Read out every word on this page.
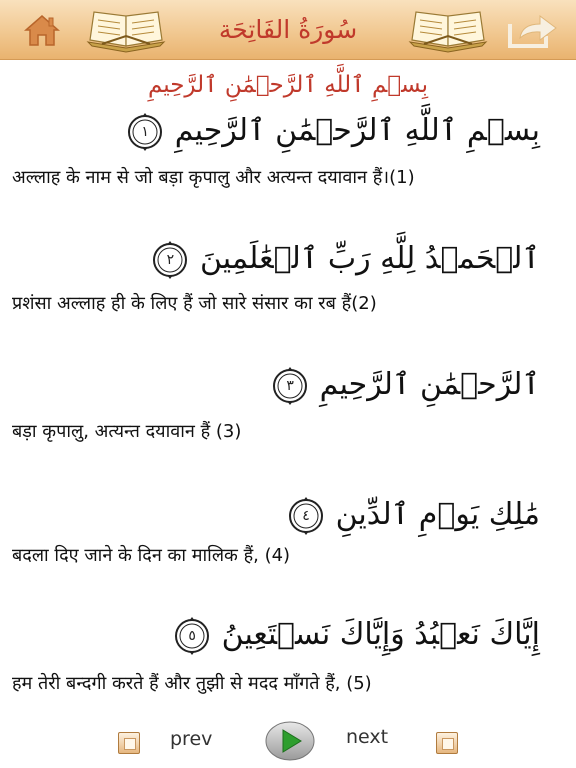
سُورَةُ الفَاتِحَة
بِسۡمِ ٱللَّهِ ٱلرَّحۡمَٰنِ ٱلرَّحِيمِ
بِسۡمِ ٱللَّهِ ٱلرَّحۡمَٰنِ ٱلرَّحِيمِ
١
अल्लाह के नाम से जो बड़ा कृपालु और अत्यन्त दयावान हैं।(1)
ٱلۡحَمۡدُ لِلَّهِ رَبِّ ٱلۡعَٰلَمِينَ
٢
प्रशंसा अल्लाह ही के लिए हैं जो सारे संसार का रब हैं(2)
ٱلرَّحۡمَٰنِ ٱلرَّحِيمِ
٣
बड़ा कृपालु, अत्यन्त दयावान हैं (3)
مَٰلِكِ يَوۡمِ ٱلدِّينِ
٤
बदला दिए जाने के दिन का मालिक हैं, (4)
إِيَّاكَ نَعۡبُدُ وَإِيَّاكَ نَسۡتَعِينُ
٥
हम तेरी बन्दगी करते हैं और तुझी से मदद माँगते हैं, (5)
prev	next
